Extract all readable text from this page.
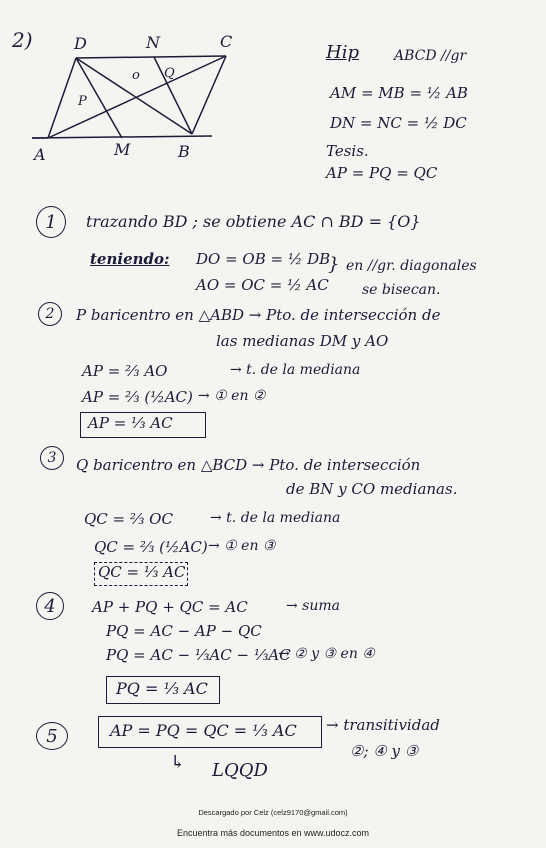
2)	D	N	C
A	M	B
o Q
P
Hip	ABCD //gr
AM = MB = ½ AB
DN = NC = ½ DC
Tesis.
AP = PQ = QC
1	trazando BD ; se obtiene AC ∩ BD = {O}
teniendo: DO = OB = ½ DB
AO = OC = ½ AC
} en //gr. diagonales
se bisecan.
2	P baricentro en △ABD → Pto. de intersección de
las medianas DM y AO
AP = ⅔ AO	→ t. de la mediana
AP = ⅔ (½AC) → ① en ②
AP = ⅓ AC
3	Q baricentro en △BCD → Pto. de intersección
de BN y CO medianas.
QC = ⅔ OC	→ t. de la mediana
QC = ⅔ (½AC) → ① en ③
QC = ⅓ AC
4	AP + PQ + QC = AC	→ suma
PQ = AC − AP − QC
PQ = AC − ⅓AC − ⅓AC
→ ② y ③ en ④
PQ = ⅓ AC
5	AP = PQ = QC = ⅓ AC → transitividad
②; ④ y ③
↳ LQQD
Descargado por Celz (celz9170@gmail.com)
Encuentra más documentos en www.udocz.com
